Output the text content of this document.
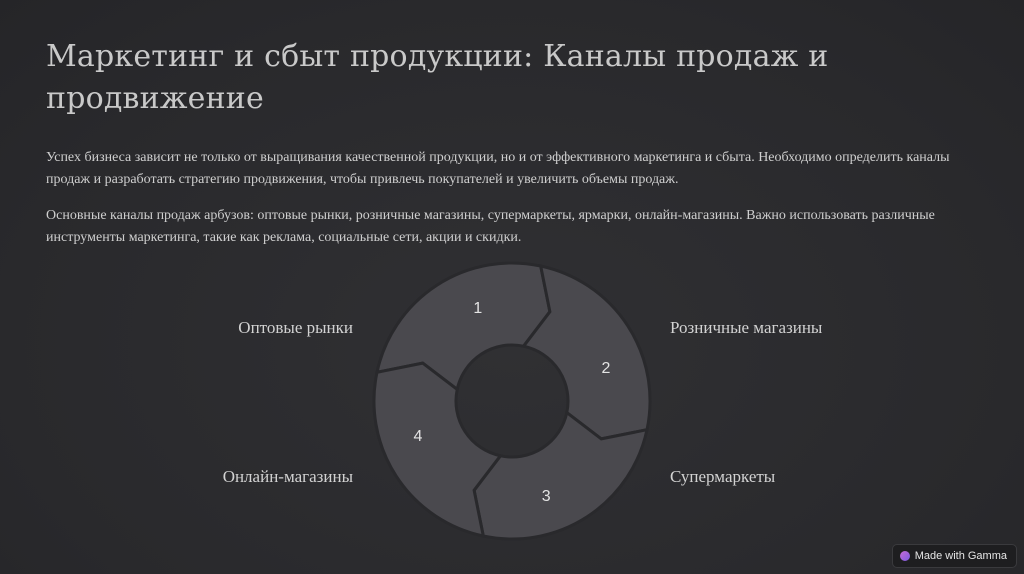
Маркетинг и сбыт продукции: Каналы продаж и продвижение

Успех бизнеса зависит не только от выращивания качественной продукции, но и от эффективного маркетинга и сбыта. Необходимо определить каналы продаж и разработать стратегию продвижения, чтобы привлечь покупателей и увеличить объемы продаж.

Основные каналы продаж арбузов: оптовые рынки, розничные магазины, супермаркеты, ярмарки, онлайн-магазины. Важно использовать различные инструменты маркетинга, такие как реклама, социальные сети, акции и скидки.

1
2
3
4
Оптовые рынки	Розничные магазины
Супермаркеты
Онлайн-магазины
Made with Gamma
